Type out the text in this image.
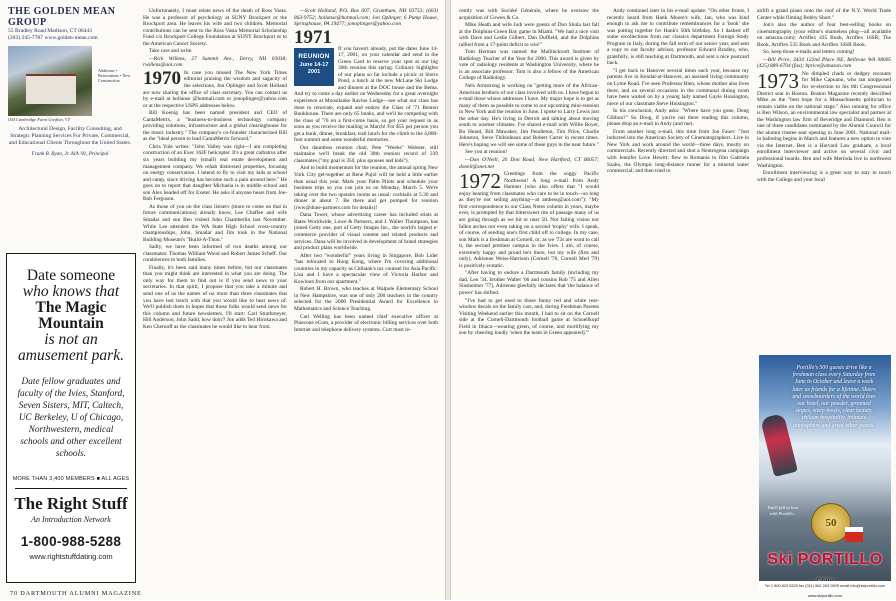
THE GOLDEN MEAN GROUP
55 Bradley Road Madison, CT 06443
(203) 245-7787 www.golden-mean.com
Old Cambridge Farm Grafton, VT
Additions • Renovations • New Construction
Architectural Design, Facility Consulting, and Strategic Planning Services For Private, Commercial, and Educational Clients Throughout the United States.
Frank B. Ryan, Jr. AIA '81, Principal
Date someone
who knows that
The Magic
Mountain
is not an
amusement park.
Date fellow graduates and faculty of the Ivies, Stanford, Seven Sisters, MIT, Caltech, UC Berkeley, U of Chicago, Northwestern, medical schools and other excellent schools.
MORE THAN 3,400 MEMBERS ■ ALL AGES
The Right Stuff
An Introduction Network
1-800-988-5288
www.rightstuffdating.com
70 DARTMOUTH ALUMNI MAGAZINE

Unfortunately, I must relate news of the death of Ross Vasta. He was a professor of psychology at SUNY Brockport or the Brockport area. He leaves his wife and two children. Memorial contributions can be sent to the Ross Vasta Memorial Scholarship Fund c/o Brockport College Foundation at SUNY Brockport or to the American Cancer Society.

Take care and write.

—Rick Willens, 27 Summit Ave., Derry, NH 03038; rwillens@aol.com

1970 In case you missed The New York Times editorial praising the wisdom and sagacity of the selections, Jon Oplinger and Scott Holland are now sharing the office of class secretary. You can contact us by e-mail at hollanse @hotmail.com or jonoplinger@yahoo.com or at the respective USPS addresses below.

Bill Koenig has been named president and CEO of CantaMetrix, a "business-to-business technology company providing solutions, infrastructure and a global clearinghouse for the music industry." The company's co-founder characterized Bill as the "ideal person to lead CantaMetrix forward."

Chris Yule writes: "John Valley was right—I am completing construction of an Exec 162F helicopter. It's a great carbatrus after six years building my (small) real estate development and management company. We rehab distressed properties, focusing on energy conservation. I intend to fly to visit my kids at school and camp, since driving has become such a pain around here." He goes on to report that daughter Michaela is in middle school and son Alex headed off for Exeter. He asks if anyone hears from Joe-Bob Ferguson.

As those of you on the class listserv (more to come on that in future communications) already know, Lee Chaffee and wife Smadar and son Ben visited John Chamberlin last November. While Lee attended the WA State High School cross-country championships, John, Smadar and Jim took in the National Building Museum's "Build-A-Thon."

Sadly, we have been informed of two deaths among our classmates: Thomas William Wood and Robert James Scheff. Our condolences to both families.

Finally, it's been said many times before, but our classmates than you might think are interested in what you are doing. The only way for them to find out is if you send news to your secretaries. In that spirit, I propose that you take a minute and send one of us the names of no more than three classmates that you have lost touch with that you would like to hear news of. We'll publish them in hopes that those folks would send news for this column and future newsletters. I'll start: Carl Strathmeyer, Hill Anderson, John Sadd, how doin'? Jon adds Ted Hirokawa and Ken Chernoff as the classmates he would like to hear from.

—Scott Holland, P.O. Box 607, Grantham, NH 03753; (603) 863-9752; hollanse@hotmail.com; Jon Oplinger, 6 Pump House, Springhouse, PA 19477; jonoplinger@yahoo.com

1971
REUNION
June 14-17 2001

If you haven't already, put the dates June 14-17, 2001, on your calendar and send in the Green Card to reserve your spot at our big 30th reunion this spring. Culinary highlights of our plans so far include a picnic at Storrs Pond, a lunch at the new McLane Ski Lodge and dinners at the DOC house and the Bema. And try to come a day earlier on Wednesday for a great overnight experience at Moosilauke Ravine Lodge—see what our class has done to renovate, expand and endow the Class of '71 Benton Bunkhouse. There are only 65 bunks, and we'll be competing with the class of '76 on a first-come basis, so get your request in as soon as you receive the mailing in March! For $55 per person you get a bunk, dinner, breakfast, trail lunch for the climb to the 4,800-foot summit and some wonderful memories.

Our dauntless reunion chair, Pete "Weebs" Webster, still maintains we'll break the old 30th reunion record of 339 classmates ("my goal is 350, plus spouses and kids").

And to build momentum for the reunion, the annual spring New York City get-together at Rene Pujol will be held a little earlier than usual this year. Mark your Palm Pilots and schedule your business trips so you can join us on Monday, March 5. We're taking over the two upstairs rooms as usual: cocktails at 5:30 and dinner at about 7. Be there and get pumped for reunion (rww@dune-partners.com for details)!

Dana Tower, whose advertising career has included stints at Bates Worldwide, Lowe & Partners, and J. Walter Thompson, has joined Getty one, part of Getty Images Inc., the world's largest e-commerce provider of visual content and related products and services. Dana will be involved in development of brand strategies and product plans worldwide.

After two "wonderful" years living in Singapore, Bob Lider "has relocated to Hong Kong, where I'm covering additional countries in my capacity as Citibank's tax counsel for Asia Pacific. Lisa and I have a spectacular view of Victoria Harbor and Kowloon from our apartment."

Robert H. Brown, who teaches at Walpole Elementary School in New Hampshire, was one of only 200 teachers in the country selected for the 2000 Presidential Award for Excellence in Mathematics and Science Teaching.

Carl Welling has been named chief executive officer at Pinecone eCom, a provider of electronic billing services over both Internet and telephone delivery systems. Curt most re-

cently was with Société Générale, where he oversaw the acquisition of Cowen & Co.

Mike Heath and wife Judi were guests of Don Shula last fall at the Dolphins-Green Bay game in Miami. "We had a nice visit with Dave and Leslie Gilbert, Dan Duffield, and the Dolphins rallied from a 17-point deficit to win!"

Tom Herman was named the Mallinckrodt Institute of Radiology Teacher of the Year for 2000. This award is given by vote of radiology residents at Washington University, where he is an associate professor. Tom is also a fellow of the American College of Radiology.

Nels Armstrong is working on "getting more of the African-American brothers of our class involved with us. I have begun to e-mail those whose addresses I have. My major hope is to get as many of them as possible to come to our upcoming mini-reunion in New York and the reunion in June. I spoke to Larry Lewis just the other day. He's living in Detroit and talking about moving south to warmer climates. I've shared e-mail with Willie Boyer, Bo Heard, Bill Mawaker, Jim Pendleton, Tim Price, Charlie Johnston, Steve Thibodeaux and Robert Carter in recent times. Here's hoping we will see some of these guys in the near future."

See you at reunion!

—Don O'Neill, 20 Don Road, New Hartford, CT 06057; doneil@snet.net

1972 Greetings from the soggy Pacific Northwest! A long e-mail from Andy Hamner (who also offers that "I would enjoy hearing from classmates who care to be in touch—so long as they're not selling anything—at ambesq@aol.com"): "My first correspondence to our Class Notes column in years, maybe ever, is prompted by that bittersweet rite of passage many of us are going through as we hit or near 50. Not failing vision nor fallen arches nor even taking on a second 'trophy' wife. I speak, of course, of sending one's first child off to college. In my case, son Mark is a freshman at Cornell, or, as we '72s are wont to call it, the second prettiest campus in the Ivies. I am, of course, extremely happy and proud he's there, but my wife (first and only), Adrienne Weiss-Harrison (Cornell '76, Cornell Med '79) is positively ecstatic.

"After having to endure a Dartmouth family (including my dad, Len '34, brother Walter '66 and cousins Rob '75 and Allen Sinsheimer '77), Adrienne gleefully declares that 'the balance of power' has shifted.

"I've had to get used to those funny red and white rear-window decals on the family cars, and, during Freshman Parents Visiting Weekend earlier this month, I had to sit on the Cornell side at the Cornell-Dartmouth football game at Schoellkopf Field in Ithaca—wearing green, of course, and mortifying my son by cheering loudly 'when the team in Green appeared].'"

Andy continued later in his e-mail update: "On other fronts, I recently heard from Hank Moore's wife, Jan, who was kind enough to ask me to contribute remembrances for a 'book' she was putting together for Hank's 50th birthday. So I dashed off some recollections from our classics department Foreign Study Program in Italy, during the fall term of our senior year, and sent a copy to our faculty advisor, professor Edward Bradley, who, gratefully, is still teaching at Dartmouth, and sent a nice postcard back.

"I get back to Hanover several times each year, because my parents live in Kendal-at-Hanover, an assisted living community on Lyme Road. I've seen Professor Bien, whose mother also lives there, and on several occasions in the communal dining room have been waited on by a young lady named Gayle Hoisington, niece of our classmate Steve Hoisington."

In his conclusion, Andy asks: "Where have you gone, Doug Gibbon?" So Doug, if you're out there reading this column, please drop an e-mail to Andy (and me).

From another long e-mail, this time from Jon Fauer: "Just inducted into the American Society of Cinematographers. Live in New York and work around the world—three days, mostly on commercials. Recently directed and shot a Neutrogena campaign with Jennifer Love Hewitt; flew to Romania to film Gabriela Szabo, the Olympic long-distance runner for a mineral water commercial; and then tried to

airlift a grand piano onto the roof of the N.Y. World Trade Center while filming Bobby Short."

Jon's also the author of four best-selling books on cinematography (your editor's shameless plug—all available on amazon.com): Arriflex 435 Book, Arriflex 16SR; The Book, Arriflex 535 Book and Arriflex 16SR Book.

So, keep those e-mails and letters coming!

—Bill Price, 3434 122nd Place NE, Bellevue WA 98005 (425) 889-6704 (fax); bprice@amazon.com

1973 No dimpled chads or dodgey recounts for Mike Capuano, who ran unopposed for re-election to his 8th Congressional District seat in Boston. Boston Magazine recently described Mike as the "best hope for a Massachusetts politician to remain viable on the national stage." Also running for office is Ben Wilson, an environmental law specialist and partner at the Washington law firm of Beveridge and Diamond. Ben is one of three candidates nominated by the Alumni Council for the alumni trustee seat opening in June 2001. National mail-in balloting begins in March and features a new option to vote via the Internet. Ben is a Harvard Law graduate, a local enrollment interviewer and active on several civic and professional boards. Ben and wife Merinda live in northwest Washington.

Enrollment interviewing is a great way to stay in touch with the College and your local

Portillo's 500 guests drive like a freshman class every Saturday from June to October and leave a week later as friends for a lifetime. Skiers and snowboarders of the world love our hotel, our powder, groomed slopes, steep bowls, clear beauty, chilean hospitality, intimate atmosphere and great other guests.
You'll fall in love with Portillo...
50
Ski PORTILLO

Tel 1 800 829 5325 fax (011) 562 263 0595 email info@skiportillo.com www.skiportillo.com
